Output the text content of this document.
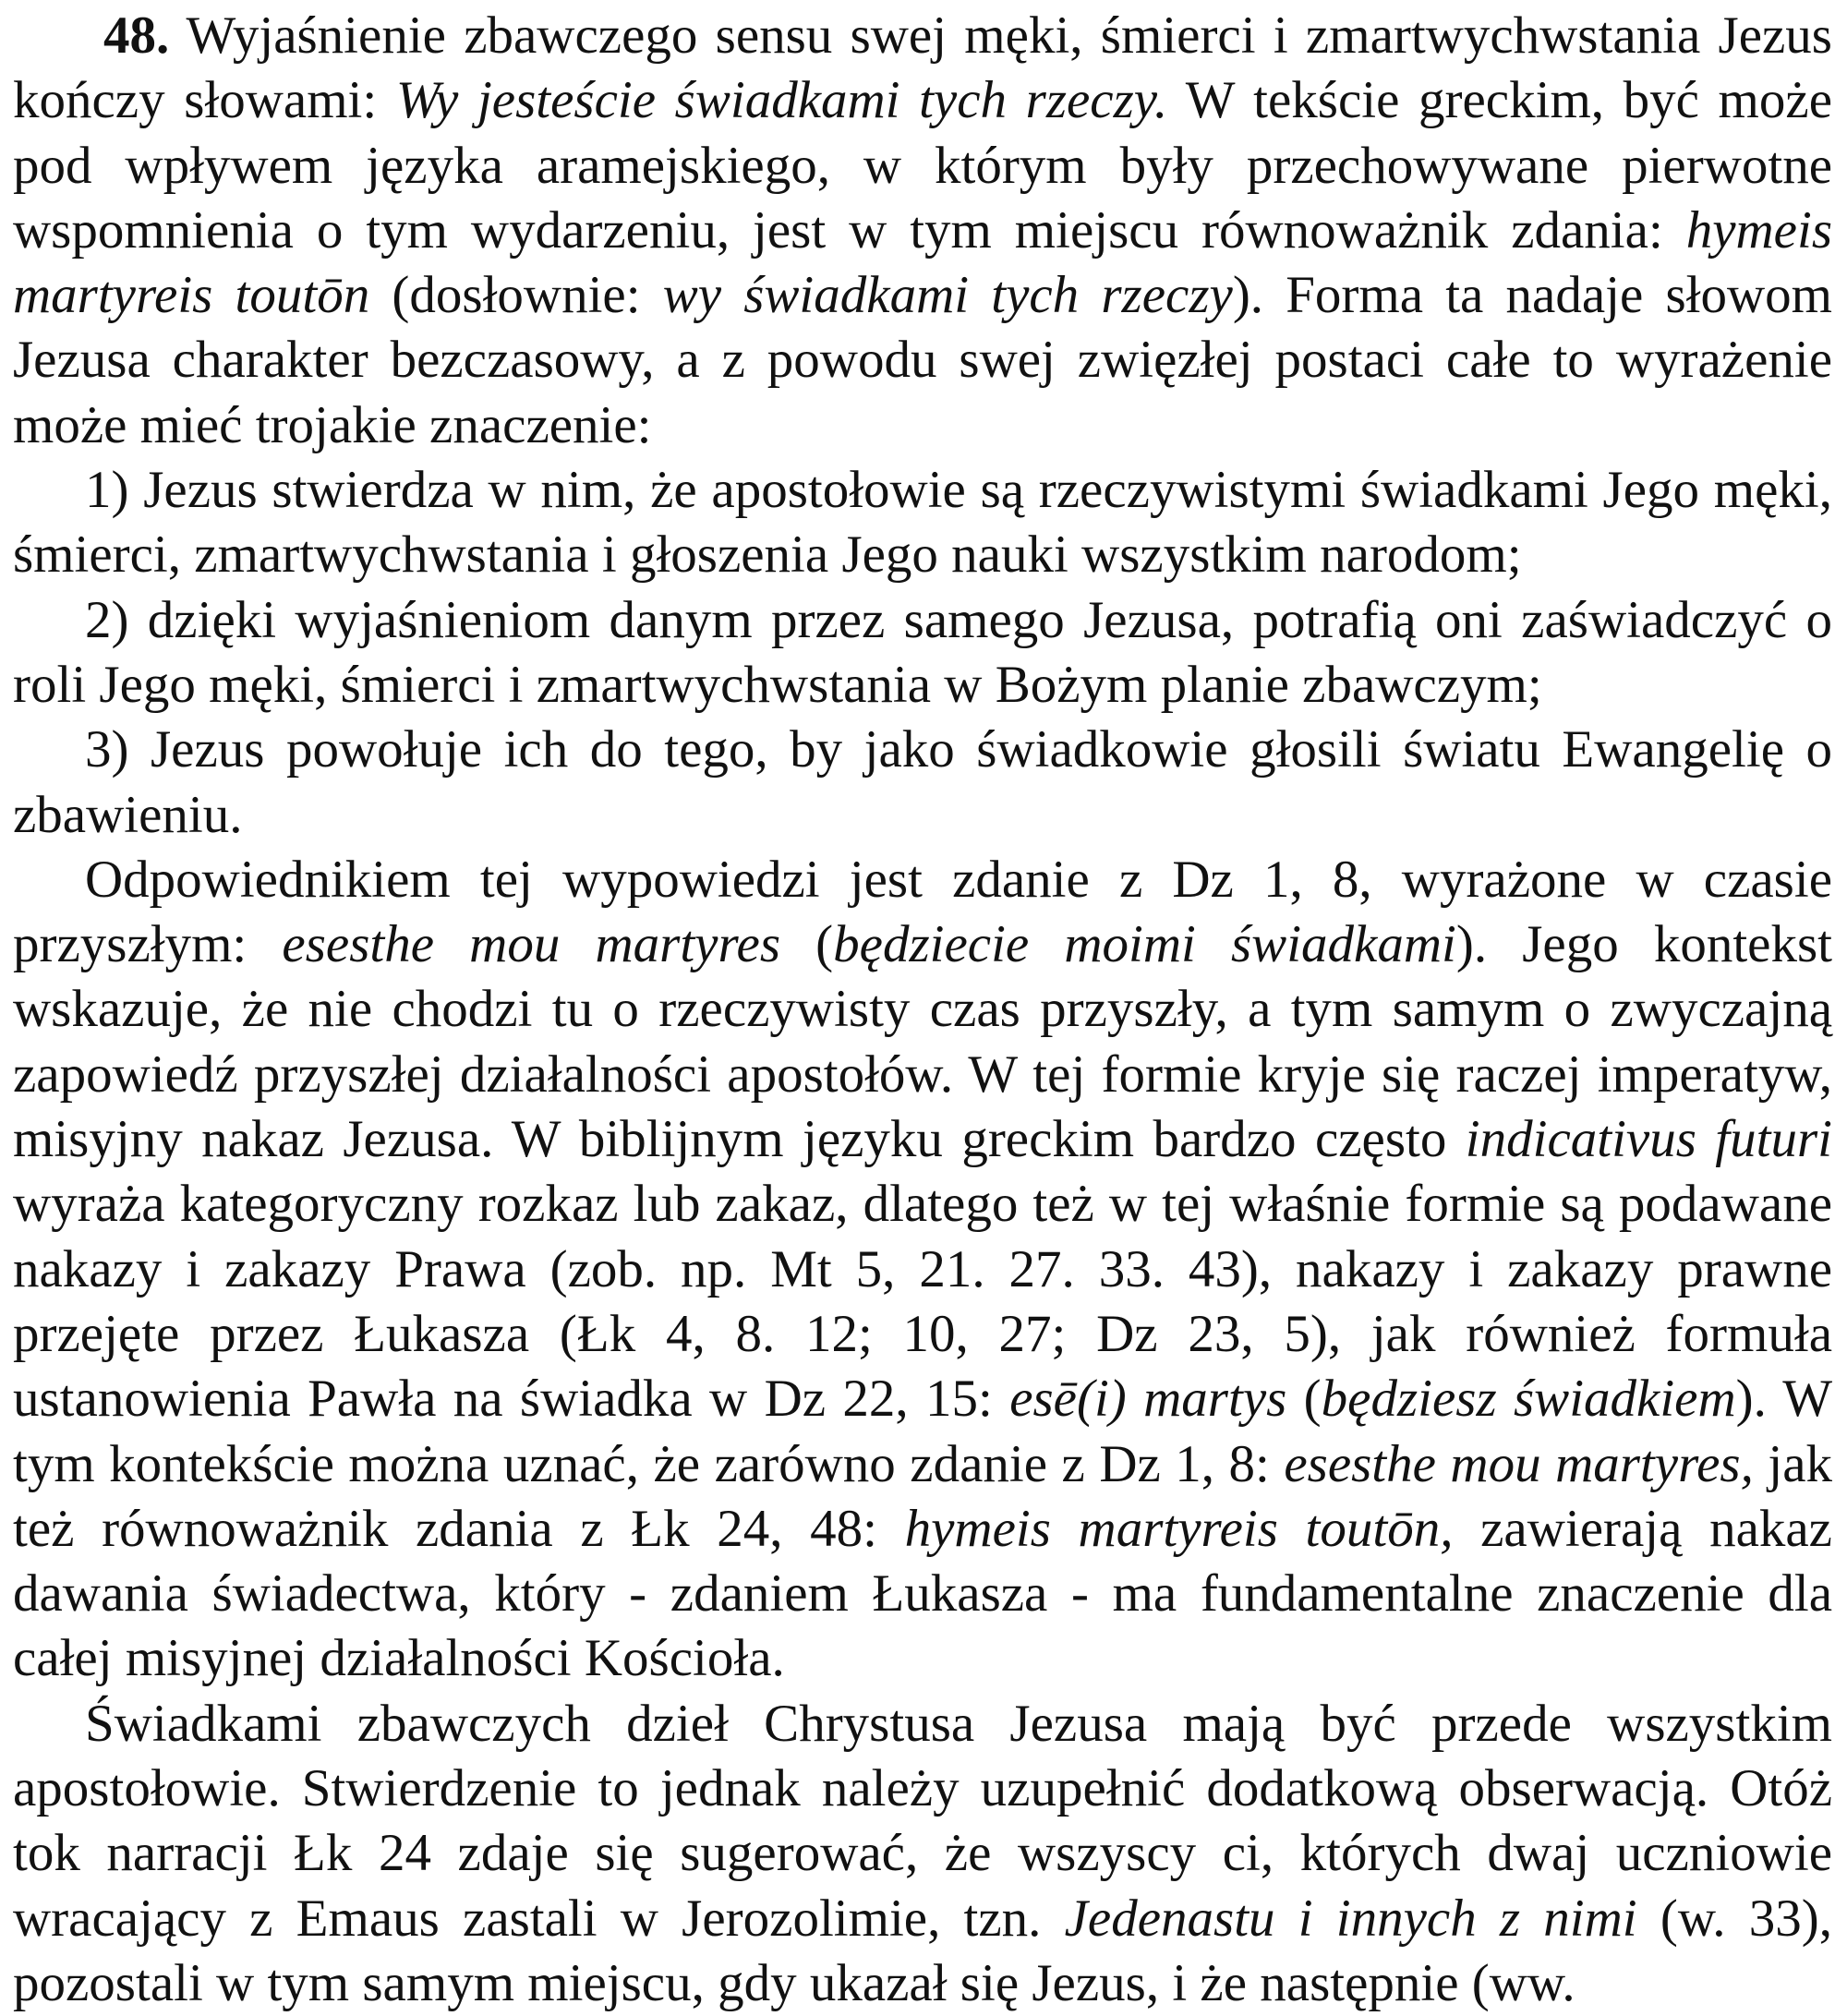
48. Wyjaśnienie zbawczego sensu swej męki, śmierci i zmartwychwstania Jezus kończy słowami: Wy jesteście świadkami tych rzeczy. W tekście greckim, być może pod wpływem języka aramejskiego, w którym były przechowywane pierwotne wspomnienia o tym wydarzeniu, jest w tym miejscu równoważnik zdania: hymeis martyreis toutōn (dosłownie: wy świadkami tych rzeczy). Forma ta nadaje słowom Jezusa charakter bezczasowy, a z powodu swej zwięzłej postaci całe to wyrażenie może mieć trojakie znaczenie:

1) Jezus stwierdza w nim, że apostołowie są rzeczywistymi świadkami Jego męki, śmierci, zmartwychwstania i głoszenia Jego nauki wszystkim narodom;

2) dzięki wyjaśnieniom danym przez samego Jezusa, potrafią oni zaświadczyć o roli Jego męki, śmierci i zmartwychwstania w Bożym planie zbawczym;

3) Jezus powołuje ich do tego, by jako świadkowie głosili światu Ewangelię o zbawieniu.

Odpowiednikiem tej wypowiedzi jest zdanie z Dz 1, 8, wyrażone w czasie przyszłym: esesthe mou martyres (będziecie moimi świadkami). Jego kontekst wskazuje, że nie chodzi tu o rzeczywisty czas przyszły, a tym samym o zwyczajną zapowiedź przyszłej działalności apostołów. W tej formie kryje się raczej imperatyw, misyjny nakaz Jezusa. W biblijnym języku greckim bardzo często indicativus futuri wyraża kategoryczny rozkaz lub zakaz, dlatego też w tej właśnie formie są podawane nakazy i zakazy Prawa (zob. np. Mt 5, 21. 27. 33. 43), nakazy i zakazy prawne przejęte przez Łukasza (Łk 4, 8. 12; 10, 27; Dz 23, 5), jak również formuła ustanowienia Pawła na świadka w Dz 22, 15: esē(i) martys (będziesz świadkiem). W tym kontekście można uznać, że zarówno zdanie z Dz 1, 8: esesthe mou martyres, jak też równoważnik zdania z Łk 24, 48: hymeis martyreis toutōn, zawierają nakaz dawania świadectwa, który - zdaniem Łukasza - ma fundamentalne znaczenie dla całej misyjnej działalności Kościoła.

Świadkami zbawczych dzieł Chrystusa Jezusa mają być przede wszystkim apostołowie. Stwierdzenie to jednak należy uzupełnić dodatkową obserwacją. Otóż tok narracji Łk 24 zdaje się sugerować, że wszyscy ci, których dwaj uczniowie wracający z Emaus zastali w Jerozolimie, tzn. Jedenastu i innych z nimi (w. 33), pozostali w tym samym miejscu, gdy ukazał się Jezus, i że następnie (ww.
